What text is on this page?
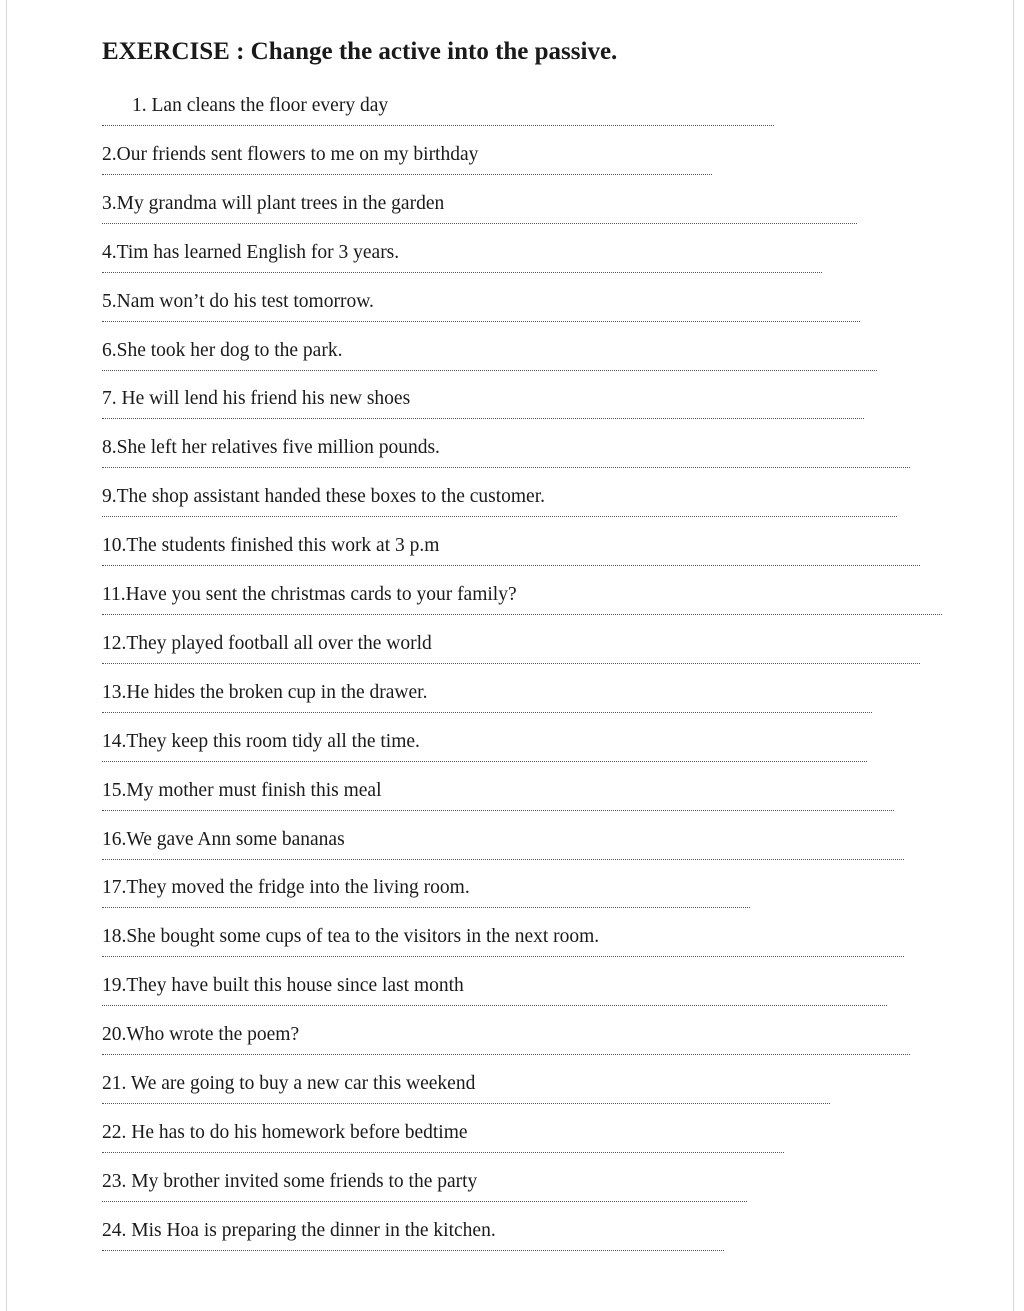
EXERCISE : Change the active into the passive.
1. Lan cleans the floor every day
2.Our friends sent flowers to me on my birthday
3.My grandma will plant trees in the garden
4.Tim has learned English for 3 years.
5.Nam won’t do his test tomorrow.
6.She took her dog to the park.
7. He will lend his friend his new shoes
8.She left her relatives five million pounds.
9.The shop assistant handed these boxes to the customer.
10.The students finished this work at 3 p.m
11.Have you sent the christmas cards to your family?
12.They played football all over the world
13.He hides the broken cup in the drawer.
14.They keep this room tidy all the time.
15.My mother must finish this meal
16.We gave Ann some bananas
17.They moved the fridge into the living room.
18.She bought some cups of tea to the visitors in the next room.
19.They have built this house since last month
20.Who wrote the poem?
21. We are going to buy a new car this weekend
22. He has to do his homework before bedtime
23. My brother invited some friends to the party
24. Mis Hoa is preparing the dinner in the kitchen.
